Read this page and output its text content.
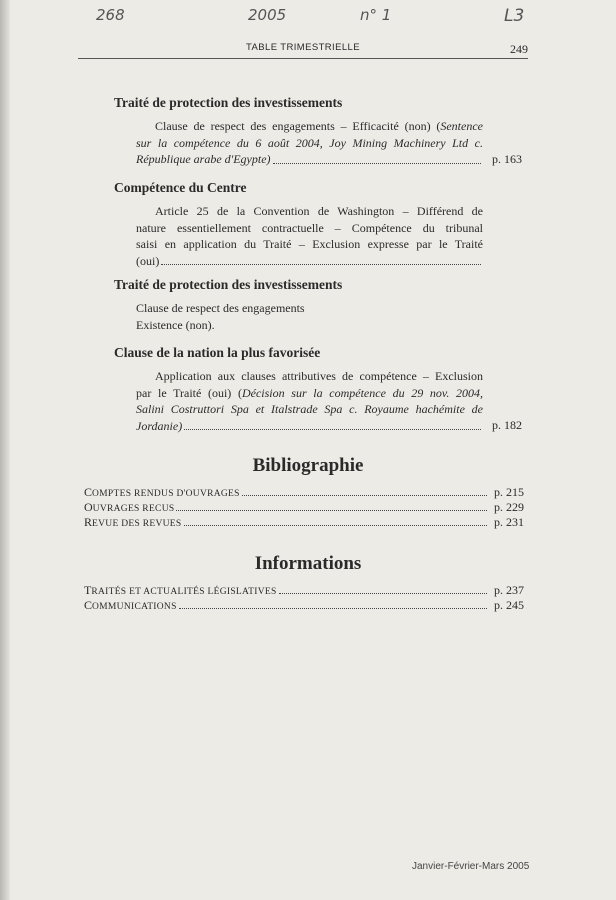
268	2005	n° 1	L3
TABLE TRIMESTRIELLE	249

Traité de protection des investissements
Clause de respect des engagements – Efficacité (non) (Sentence
sur la compétence du 6 août 2004, Joy Mining Machinery Ltd c.
République arabe d'Egypte)	p. 163
Compétence du Centre
Article 25 de la Convention de Washington – Différend de
nature essentiellement contractuelle – Compétence du tribunal
saisi en application du Traité – Exclusion expresse par le Traité
(oui)
Traité de protection des investissements
Clause de respect des engagements
Existence (non).
Clause de la nation la plus favorisée
Application aux clauses attributives de compétence – Exclusion
par le Traité (oui) (Décision sur la compétence du 29 nov. 2004,
Salini Costruttori Spa et Italstrade Spa c. Royaume hachémite de
Jordanie)	p. 182
Bibliographie
COMPTES RENDUS D'OUVRAGES	p. 215
OUVRAGES RECUS	p. 229
REVUE DES REVUES	p. 231
Informations
TRAITÉS ET ACTUALITÉS LÉGISLATIVES	p. 237
COMMUNICATIONS	p. 245
Janvier-Février-Mars 2005
